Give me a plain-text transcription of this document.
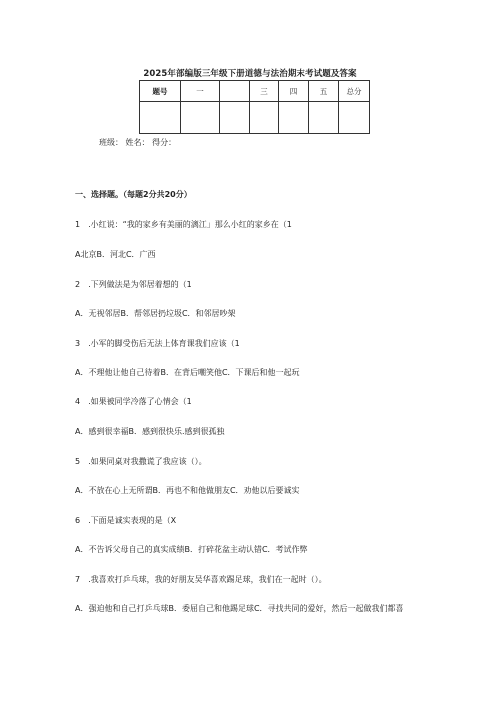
2025年部编版三年级下册道德与法治期末考试题及答案
题号	一		三	四	五	总分

班级： 姓名： 得分：
一、选择题。（每题2分共20分）
1 .小红说：“我的家乡有美丽的漓江」那么小红的家乡在（1
A北京B．河北C．广西
2 .下列做法是为邻居着想的（1
A．无视邻居B．帮邻居扔垃圾C．和邻居吵架
3 .小军的脚受伤后无法上体育课我们应该（1
A．不理他让他自己待着B．在背后嘲笑他C．下课后和他一起玩
4 .如果被同学冷落了心情会（1
A．感到很幸福B．感到很快乐.感到很孤独
5 .如果同桌对我撒谎了我应该（）。
A．不放在心上无所谓B．再也不和他做朋友C．劝他以后要诚实
6 .下面是诚实表现的是（X
A．不告诉父母自己的真实成绩B．打碎花盆主动认错C．考试作弊
7 .我喜欢打乒乓球，我的好朋友吴华喜欢踢足球，我们在一起时（）。
A．强迫他和自己打乒乓球B．委屈自己和他踢足球C．寻找共同的爱好，然后一起做我们都喜
